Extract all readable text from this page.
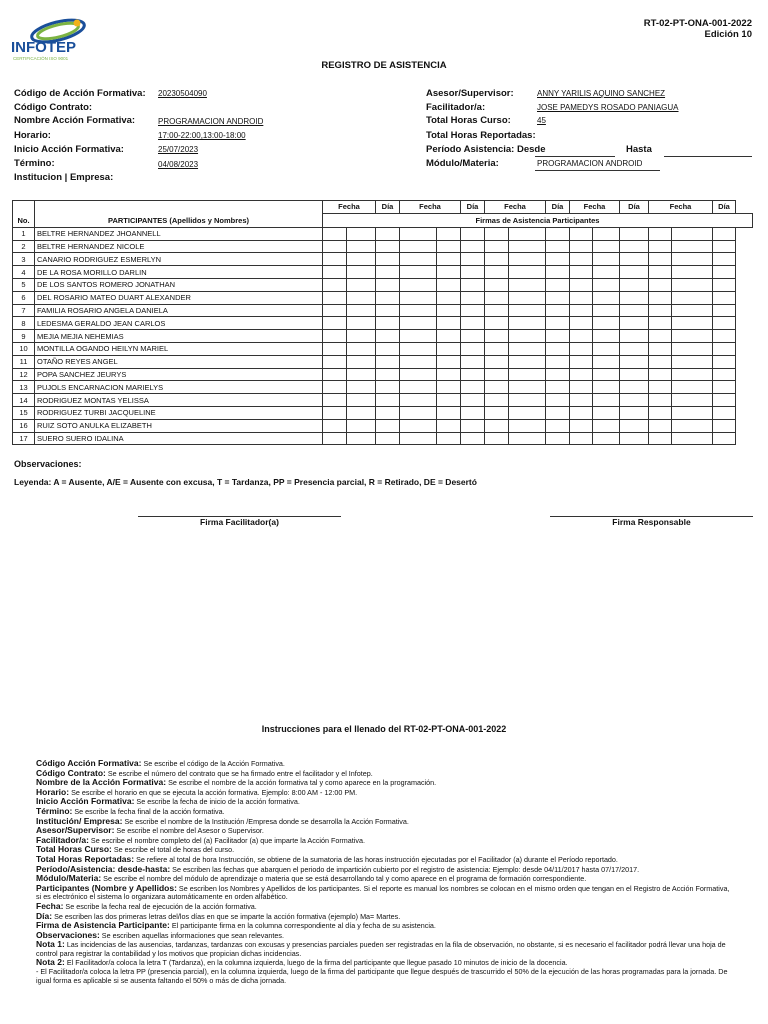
INFOTEP
CERTIFICACIÓN ISO 9001
RT-02-PT-ONA-001-2022
Edición 10
REGISTRO DE ASISTENCIA
Código de Acción Formativa: 20230504090
Código Contrato:
Nombre Acción Formativa:	PROGRAMACION ANDROID
Horario:	17:00-22:00,13:00-18:00
Inicio Acción Formativa:	25/07/2023
Término:	04/08/2023
Institucion | Empresa:
Asesor/Supervisor:	ANNY YARILIS AQUINO SANCHEZ
Facilitador/a:	JOSE PAMEDYS ROSADO PANIAGUA
Total Horas Curso:	45
Total Horas Reportadas:
Período Asistencia: Desde	Hasta
Módulo/Materia:	PROGRAMACION ANDROID
		Fecha		Día	Fecha		Día	Fecha		Día	Fecha		Día	Fecha		Día	
No.	PARTICIPANTES (Apellidos y Nombres)	Firmas de Asistencia Participantes															
1	BELTRE HERNANDEZ JHOANNELL																
2	BELTRE HERNANDEZ NICOLE																
3	CANARIO RODRIGUEZ ESMERLYN																
4	DE LA ROSA MORILLO DARLIN																
5	DE LOS SANTOS ROMERO JONATHAN																
6	DEL ROSARIO MATEO DUART ALEXANDER																
7	FAMILIA ROSARIO ANGELA DANIELA																
8	LEDESMA GERALDO JEAN CARLOS																
9	MEJIA MEJIA NEHEMIAS																
10	MONTILLA OGANDO HEILYN MARIEL																
11	OTAÑO REYES ANGEL																
12	POPA SANCHEZ JEURYS																
13	PUJOLS ENCARNACION MARIELYS																
14	RODRIGUEZ MONTAS YELISSA																
15	RODRIGUEZ TURBI JACQUELINE																
16	RUIZ SOTO ANULKA ELIZABETH																
17	SUERO SUERO IDALINA																
Observaciones:
Leyenda: A = Ausente, A/E = Ausente con excusa, T = Tardanza, PP = Presencia parcial, R = Retirado, DE = Desertó
Firma Facilitador(a)	Firma Responsable
Instrucciones para el llenado del RT-02-PT-ONA-001-2022

Código Acción Formativa: Se escribe el código de la Acción Formativa.

Código Contrato: Se escribe el número del contrato que se ha firmado entre el facilitador y el Infotep.

Nombre de la Acción Formativa: Se escribe el nombre de la acción formativa tal y como aparece en la programación.

Horario: Se escribe el horario en que se ejecuta la acción formativa. Ejemplo: 8:00 AM - 12:00 PM.

Inicio Acción Formativa: Se escribe la fecha de inicio de la acción formativa.

Término: Se escribe la fecha final de la acción formativa.

Institución/ Empresa: Se escribe el nombre de la Institución /Empresa donde se desarrolla la Acción Formativa.

Asesor/Supervisor: Se escribe el nombre del Asesor o Supervisor.

Facilitador/a: Se escribe el nombre completo del (a) Facilitador (a) que imparte la Acción Formativa.

Total Horas Curso: Se escribe el total de horas del curso.

Total Horas Reportadas: Se refiere al total de hora Instrucción, se obtiene de la sumatoria de las horas instrucción ejecutadas por el Facilitador (a) durante el Período reportado.

Período/Asistencia: desde-hasta: Se escriben las fechas que abarquen el periodo de impartición cubierto por el registro de asistencia: Ejemplo: desde 04/11/2017 hasta 07/17/2017.

Módulo/Materia: Se escribe el nombre del módulo de aprendizaje o materia que se está desarrollando tal y como aparece en el programa de formación correspondiente.

Participantes (Nombre y Apellidos: Se escriben los Nombres y Apellidos de los participantes. Si el reporte es manual los nombres se colocan en el mismo orden que tengan en el Registro de Acción Formativa, si es electrónico el sistema lo organizara automáticamente en orden alfabético.

Fecha: Se escribe la fecha real de ejecución de la acción formativa.

Día: Se escriben las dos primeras letras del/los días en que se imparte la acción formativa (ejemplo) Ma= Martes.

Firma de Asistencia Participante: El participante firma en la columna correspondiente al día y fecha de su asistencia.

Observaciones: Se escriben aquellas informaciones que sean relevantes.

Nota 1: Las incidencias de las ausencias, tardanzas, tardanzas con excusas y presencias parciales pueden ser registradas en la fila de observación, no obstante, si es necesario el facilitador podrá llevar una hoja de control para registrar la contabilidad y los motivos que propician dichas incidencias.

Nota 2: El Facilitador/a coloca la letra T (Tardanza), en la columna izquierda, luego de la firma del participante que llegue pasado 10 minutos de inicio de la docencia.

- El Facilitador/a coloca la letra PP (presencia parcial), en la columna izquierda, luego de la firma del participante que llegue después de trascurrido el 50% de la ejecución de las horas programadas para la jornada. De igual forma es aplicable si se ausenta faltando el 50% o más de dicha jornada.
